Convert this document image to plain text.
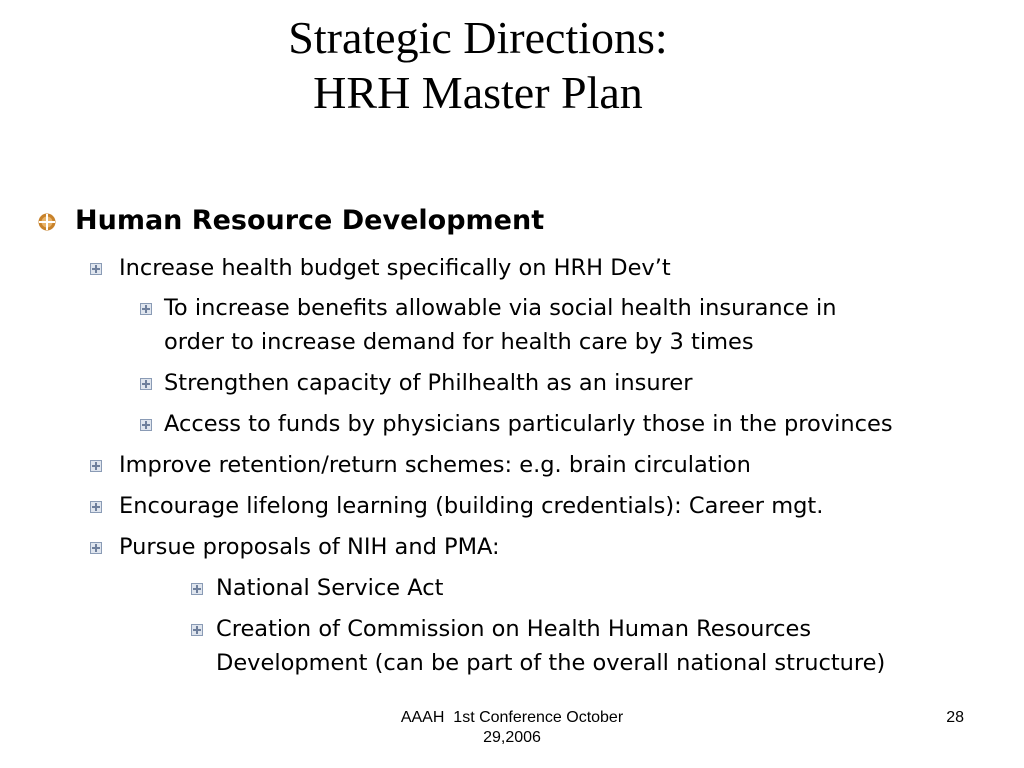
Strategic Directions:
HRH Master Plan
Human Resource Development
Increase health budget specifically on HRH Dev’t
To increase benefits allowable via social health insurance in
order to increase demand for health care by 3 times
Strengthen capacity of Philhealth as an insurer
Access to funds by physicians particularly those in the provinces
Improve retention/return schemes: e.g. brain circulation
Encourage lifelong learning (building credentials): Career mgt.
Pursue proposals of NIH and PMA:
National Service Act
Creation of Commission on Health Human Resources
Development (can be part of the overall national structure)
AAAH  1st Conference October
29,2006
28
